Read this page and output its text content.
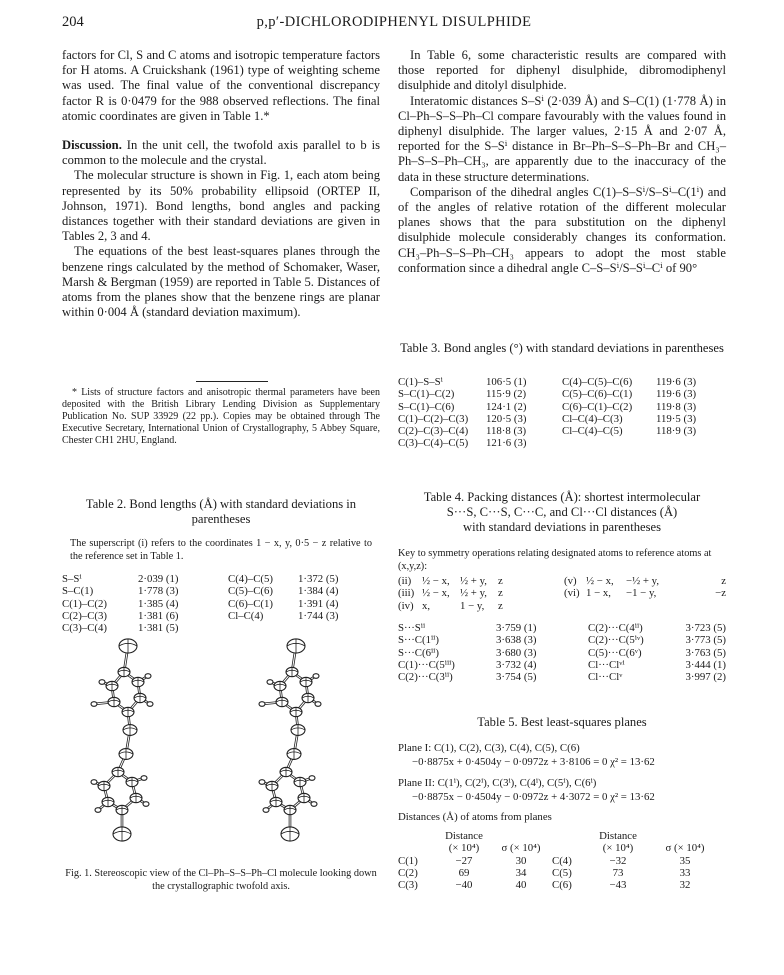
204	p,p′-DICHLORODIPHENYL DISULPHIDE

factors for Cl, S and C atoms and isotropic temperature factors for H atoms. A Cruickshank (1961) type of weighting scheme was used. The final value of the conventional discrepancy factor R is 0·0479 for the 988 observed reflections. The final atomic coordinates are given in Table 1.*

Discussion. In the unit cell, the twofold axis parallel to b is common to the molecule and the crystal.

The molecular structure is shown in Fig. 1, each atom being represented by its 50% probability ellipsoid (ORTEP II, Johnson, 1971). Bond lengths, bond angles and packing distances together with their standard deviations are given in Tables 2, 3 and 4.

The equations of the best least-squares planes through the benzene rings calculated by the method of Schomaker, Waser, Marsh & Bergman (1959) are reported in Table 5. Distances of atoms from the planes show that the benzene rings are planar within 0·004 Å (standard deviation maximum).

* Lists of structure factors and anisotropic thermal parameters have been deposited with the British Library Lending Division as Supplementary Publication No. SUP 33929 (22 pp.). Copies may be obtained through The Executive Secretary, International Union of Crystallography, 5 Abbey Square, Chester CH1 2HU, England.
Table 2. Bond lengths (Å) with standard deviations in parentheses
The superscript (i) refers to the coordinates 1 − x, y, 0·5 − z relative to the reference set in Table 1.
S–Sⁱ	2·039 (1)	C(4)–C(5)	1·372 (5)
S–C(1)	1·778 (3)	C(5)–C(6)	1·384 (4)
C(1)–C(2)	1·385 (4)	C(6)–C(1)	1·391 (4)
C(2)–C(3)	1·381 (6)	Cl–C(4)	1·744 (3)
C(3)–C(4)	1·381 (5)		
Fig. 1. Stereoscopic view of the Cl–Ph–S–S–Ph–Cl molecule looking down the crystallographic twofold axis.

In Table 6, some characteristic results are compared with those reported for diphenyl disulphide, dibromodiphenyl disulphide and ditolyl disulphide.

Interatomic distances S–Sⁱ (2·039 Å) and S–C(1) (1·778 Å) in Cl–Ph–S–S–Ph–Cl compare favourably with the values found in diphenyl disulphide. The larger values, 2·15 Å and 2·07 Å, reported for the S–Sⁱ distance in Br–Ph–S–S–Ph–Br and CH₃–Ph–S–S–Ph–CH₃, are apparently due to the inaccuracy of the data in these structure determinations.

Comparison of the dihedral angles C(1)–S–Sⁱ/S–Sⁱ–C(1ⁱ) and of the angles of relative rotation of the different molecular planes shows that the para substitution on the diphenyl disulphide molecule considerably changes its conformation. CH₃–Ph–S–S–Ph–CH₃ appears to adopt the most stable conformation since a dihedral angle C–S–Sⁱ/S–Sⁱ–Cⁱ of 90°

Table 3. Bond angles (°) with standard deviations in parentheses
C(1)–S–Sⁱ	106·5 (1)	C(4)–C(5)–C(6)	119·6 (3)
S–C(1)–C(2)	115·9 (2)	C(5)–C(6)–C(1)	119·6 (3)
S–C(1)–C(6)	124·1 (2)	C(6)–C(1)–C(2)	119·8 (3)
C(1)–C(2)–C(3)	120·5 (3)	Cl–C(4)–C(3)	119·5 (3)
C(2)–C(3)–C(4)	118·8 (3)	Cl–C(4)–C(5)	118·9 (3)
C(3)–C(4)–C(5)	121·6 (3)		
Table 4. Packing distances (Å): shortest intermolecular
S···S, C···S, C···C, and Cl···Cl distances (Å)
with standard deviations in parentheses
Key to symmetry operations relating designated atoms to reference atoms at (x,y,z):
(ii)	½ − x,	½ + y,	z	(v)	½ − x,	−½ + y,	z
(iii)	½ − x,	½ + y,	z	(vi)	1 − x,	−1 − y,	−z
(iv)	x,	1 − y,	z				
S···Sⁱⁱ	3·759 (1)	C(2)···C(4ⁱⁱ)	3·723 (5)
S···C(1ⁱⁱ)	3·638 (3)	C(2)···C(5ⁱᵛ)	3·773 (5)
S···C(6ⁱⁱ)	3·680 (3)	C(5)···C(6ᵛ)	3·763 (5)
C(1)···C(5ⁱⁱⁱ)	3·732 (4)	Cl···Clᵛⁱ	3·444 (1)
C(2)···C(3ⁱⁱ)	3·754 (5)	Cl···Clᵛ	3·997 (2)
Table 5. Best least-squares planes
Plane I: C(1), C(2), C(3), C(4), C(5), C(6)
−0·8875x + 0·4504y − 0·0972z + 3·8106 = 0 χ² = 13·62
Plane II: C(1ⁱ), C(2ⁱ), C(3ⁱ), C(4ⁱ), C(5ⁱ), C(6ⁱ)
−0·8875x − 0·4504y − 0·0972z + 4·3072 = 0 χ² = 13·62
Distances (Å) of atoms from planes
	Distance			Distance	
	(× 10⁴)	σ (× 10⁴)		(× 10⁴)	σ (× 10⁴)
C(1)	−27	30	C(4)	−32	35
C(2)	69	34	C(5)	73	33
C(3)	−40	40	C(6)	−43	32
